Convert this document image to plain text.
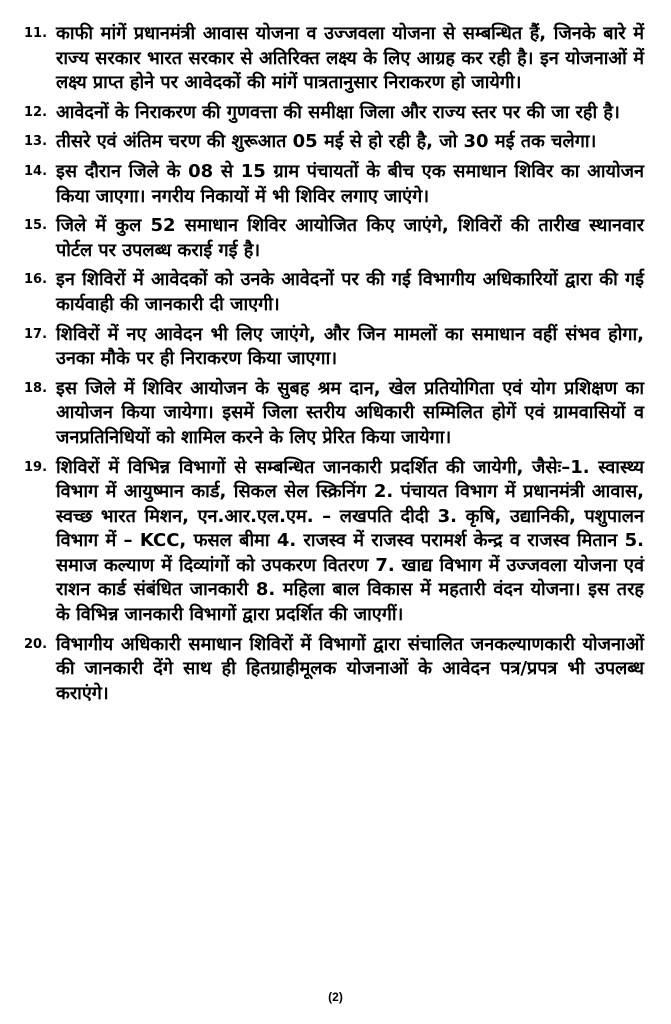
11. काफी मांगें प्रधानमंत्री आवास योजना व उज्जवला योजना से सम्बन्धित हैं, जिनके बारे में राज्य सरकार भारत सरकार से अतिरिक्त लक्ष्य के लिए आग्रह कर रही है। इन योजनाओं में लक्ष्य प्राप्त होने पर आवेदकों की मांगें पात्रतानुसार निराकरण हो जायेगी।
12. आवेदनों के निराकरण की गुणवत्ता की समीक्षा जिला और राज्य स्तर पर की जा रही है।
13. तीसरे एवं अंतिम चरण की शुरूआत 05 मई से हो रही है, जो 30 मई तक चलेगा।
14. इस दौरान जिले के 08 से 15 ग्राम पंचायतों के बीच एक समाधान शिविर का आयोजन किया जाएगा। नगरीय निकायों में भी शिविर लगाए जाएंगे।
15. जिले में कुल 52 समाधान शिविर आयोजित किए जाएंगे, शिविरों की तारीख स्थानवार पोर्टल पर उपलब्ध कराई गई है।
16. इन शिविरों में आवेदकों को उनके आवेदनों पर की गई विभागीय अधिकारियों द्वारा की गई कार्यवाही की जानकारी दी जाएगी।
17. शिविरों में नए आवेदन भी लिए जाएंगे, और जिन मामलों का समाधान वहीं संभव होगा, उनका मौके पर ही निराकरण किया जाएगा।
18. इस जिले में शिविर आयोजन के सुबह श्रम दान, खेल प्रतियोगिता एवं योग प्रशिक्षण का आयोजन किया जायेगा। इसमें जिला स्तरीय अधिकारी सम्मिलित होगें एवं ग्रामवासियों व जनप्रतिनिधियों को शामिल करने के लिए प्रेरित किया जायेगा।
19. शिविरों में विभिन्न विभागों से सम्बन्धित जानकारी प्रदर्शित की जायेगी, जैसेः–1. स्वास्थ्य विभाग में आयुष्मान कार्ड, सिकल सेल स्क्रिनिंग 2. पंचायत विभाग में प्रधानमंत्री आवास, स्वच्छ भारत मिशन, एन.आर.एल.एम. – लखपति दीदी 3. कृषि, उद्यानिकी, पशुपालन विभाग में – KCC, फसल बीमा 4. राजस्व में राजस्व परामर्श केन्द्र व राजस्व मितान 5. समाज कल्याण में दिव्यांगों को उपकरण वितरण 7. खाद्य विभाग में उज्जवला योजना एवं राशन कार्ड संबंधित जानकारी 8. महिला बाल विकास में महतारी वंदन योजना। इस तरह के विभिन्न जानकारी विभागों द्वारा प्रदर्शित की जाएगीं।
20. विभागीय अधिकारी समाधान शिविरों में विभागों द्वारा संचालित जनकल्याणकारी योजनाओं की जानकारी देंगे साथ ही हितग्राहीमूलक योजनाओं के आवेदन पत्र/प्रपत्र भी उपलब्ध कराएंगे।
(2)
